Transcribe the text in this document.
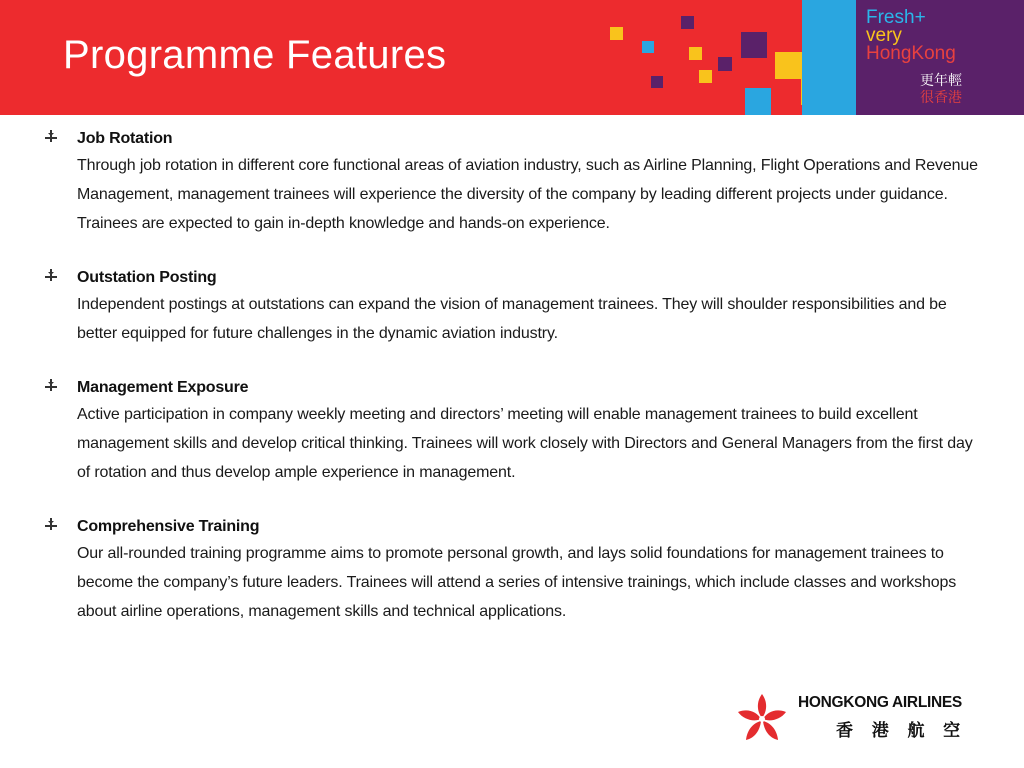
Programme Features
Fresh+
very
HongKong
更年輕
很香港
Job Rotation
Through job rotation in different core functional areas of aviation industry, such as Airline Planning, Flight Operations and Revenue Management, management trainees will experience the diversity of the company by leading different projects under guidance. Trainees are expected to gain in-depth knowledge and hands-on experience.
Outstation Posting
Independent postings at outstations can expand the vision of management trainees. They will shoulder responsibilities and be better equipped for future challenges in the dynamic aviation industry.
Management Exposure
Active participation in company weekly meeting and directors’ meeting will enable management trainees to build excellent management skills and develop critical thinking. Trainees will work closely with Directors and General Managers from the first day of rotation and thus develop ample experience in management.
Comprehensive Training
Our all-rounded training programme aims to promote personal growth, and lays solid foundations for management trainees to become the company’s future leaders. Trainees will attend a series of intensive trainings, which include classes and workshops about airline operations, management skills and technical applications.
HONGKONG AIRLINES
香 港 航 空
